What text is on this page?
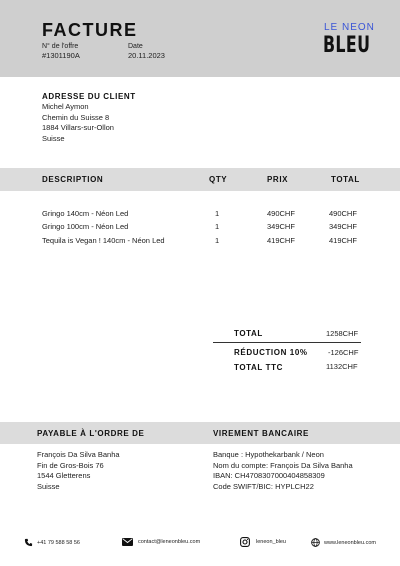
FACTURE
N° de l'offre
#1301190A
Date
20.11.2023
LE NEON
BLEU
ADRESSE DU CLIENT
Michel Aymon
Chemin du Suisse 8
1884 Villars-sur-Ollon
Suisse
DESCRIPTION	QTY	PRIX	TOTAL
Gringo 140cm - Néon Led	1	490CHF	490CHF
Gringo 100cm - Néon Led	1	349CHF	349CHF
Tequila is Vegan ! 140cm - Néon Led	1	419CHF	419CHF
TOTAL	1258CHF
RÉDUCTION 10%	-126CHF
TOTAL TTC	1132CHF
PAYABLE À L'ORDRE DE	VIREMENT BANCAIRE
François Da Silva Banha
Fin de Gros-Bois 76
1544 Gletterens
Suisse
Banque : Hypothekarbank / Neon
Nom du compte: François Da Silva Banha
IBAN: CH4708307000404858309
Code SWIFT/BIC: HYPLCH22
+41 79 588 58 56	contact@leneonbleu.com	leneon_bleu	www.leneonbleu.com
